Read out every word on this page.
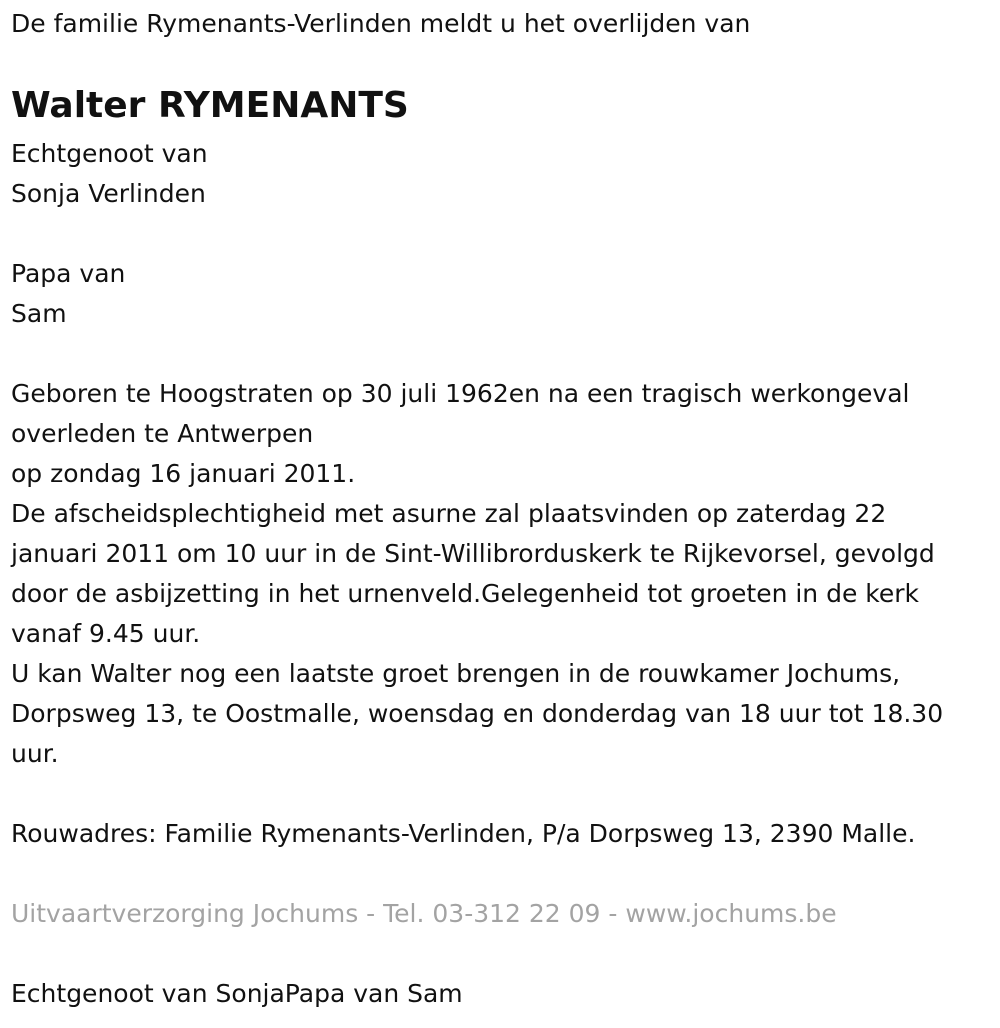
De familie Rymenants-Verlinden meldt u het overlijden van
Walter RYMENANTS
Echtgenoot van
Sonja Verlinden
Papa van
Sam
Geboren te Hoogstraten op 30 juli 1962en na een tragisch werkongeval
overleden te Antwerpen
op zondag 16 januari 2011.
De afscheidsplechtigheid met asurne zal plaatsvinden op zaterdag 22
januari 2011 om 10 uur in de Sint-Willibrorduskerk te Rijkevorsel, gevolgd
door de asbijzetting in het urnenveld.Gelegenheid tot groeten in de kerk
vanaf 9.45 uur.
U kan Walter nog een laatste groet brengen in de rouwkamer Jochums,
Dorpsweg 13, te Oostmalle, woensdag en donderdag van 18 uur tot 18.30
uur.
Rouwadres: Familie Rymenants-Verlinden, P/a Dorpsweg 13, 2390 Malle.
Uitvaartverzorging Jochums - Tel. 03-312 22 09 - www.jochums.be
Echtgenoot van SonjaPapa van Sam
